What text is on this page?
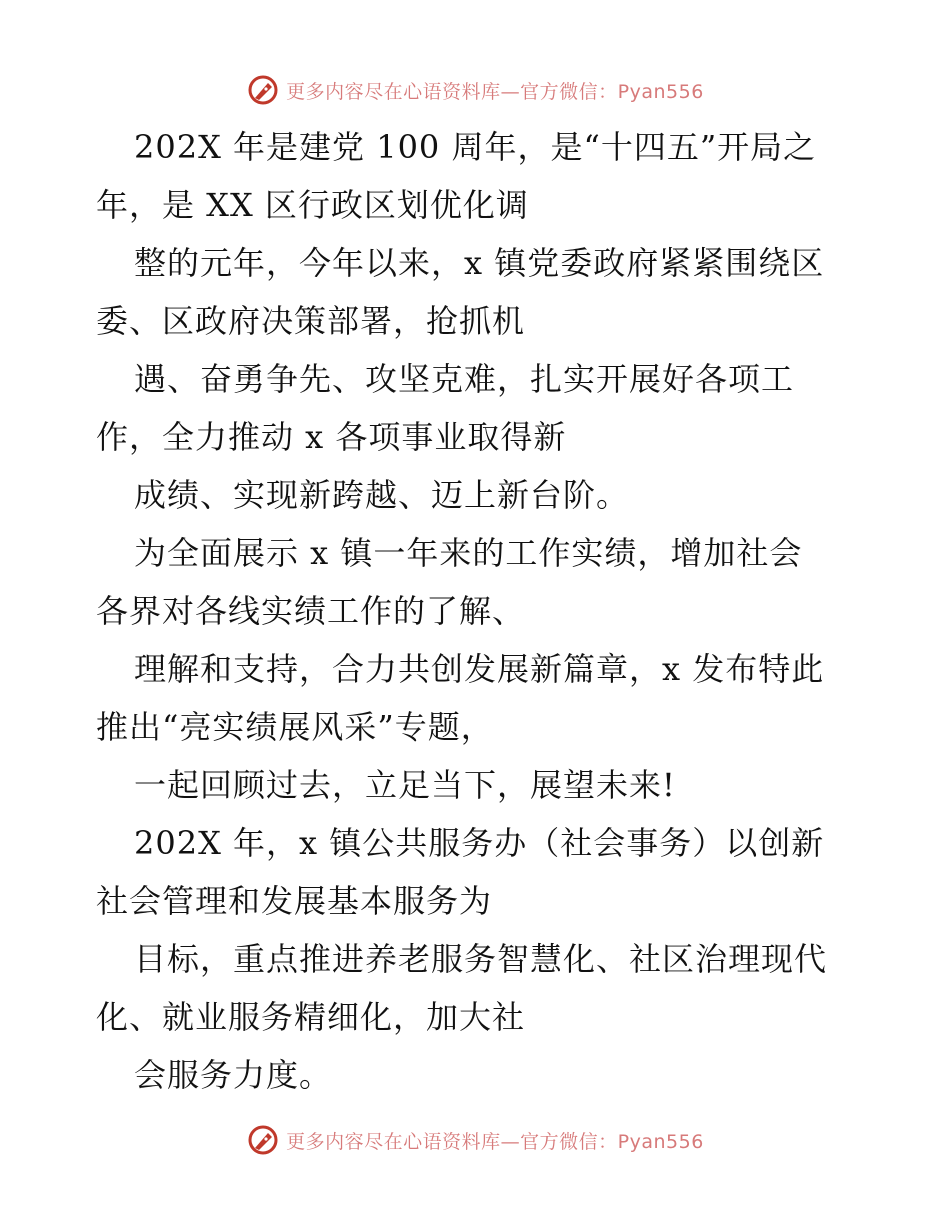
更多内容尽在心语资料库—官方微信：Pyan556
202X 年是建党 100 周年，是“十四五”开局之
年，是 XX 区行政区划优化调
整的元年，今年以来，x 镇党委政府紧紧围绕区
委、区政府决策部署，抢抓机
遇、奋勇争先、攻坚克难，扎实开展好各项工
作，全力推动 x 各项事业取得新
成绩、实现新跨越、迈上新台阶。
为全面展示 x 镇一年来的工作实绩，增加社会
各界对各线实绩工作的了解、
理解和支持，合力共创发展新篇章，x 发布特此
推出“亮实绩展风采”专题，
一起回顾过去，立足当下，展望未来!
202X 年，x 镇公共服务办（社会事务）以创新
社会管理和发展基本服务为
目标，重点推进养老服务智慧化、社区治理现代
化、就业服务精细化，加大社
会服务力度。
更多内容尽在心语资料库—官方微信：Pyan556
